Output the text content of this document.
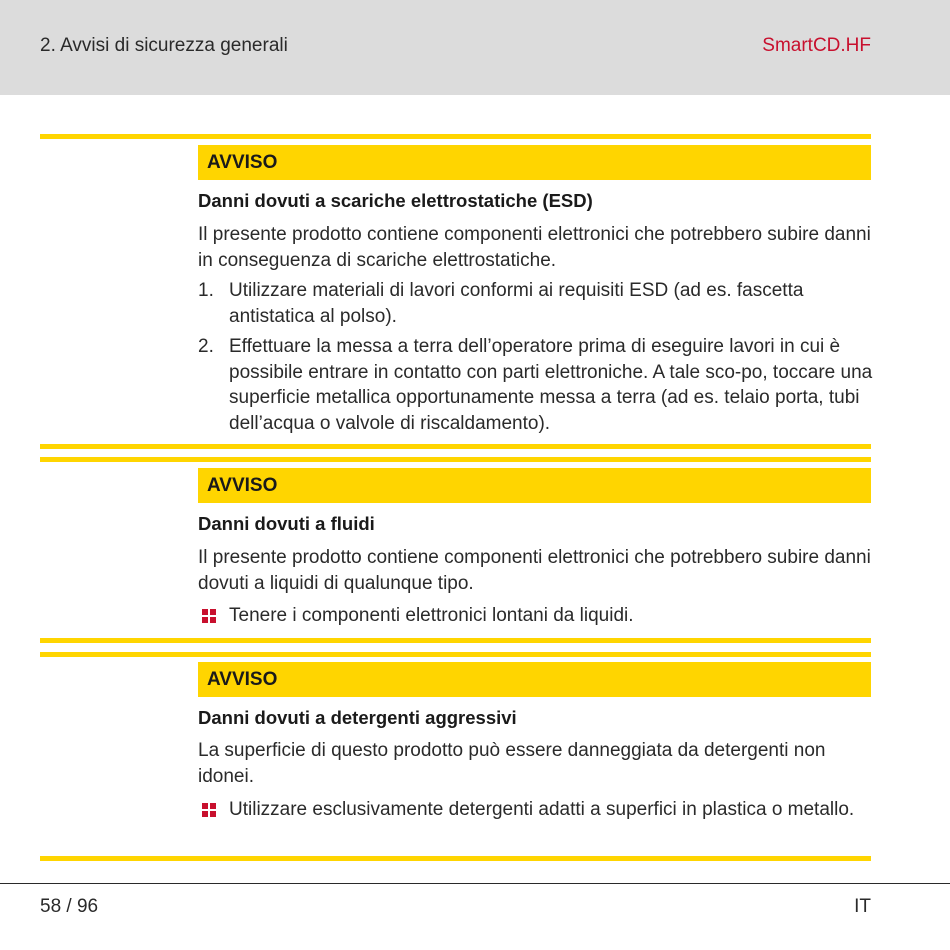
2. Avvisi di sicurezza generali	SmartCD.HF
AVVISO
Danni dovuti a scariche elettrostatiche (ESD)
Il presente prodotto contiene componenti elettronici che potrebbero subire danni in conseguenza di scariche elettrostatiche.
1. Utilizzare materiali di lavori conformi ai requisiti ESD (ad es. fascetta antistatica al polso).
2. Effettuare la messa a terra dell’operatore prima di eseguire lavori in cui è possibile entrare in contatto con parti elettroniche. A tale sco-po, toccare una superficie metallica opportunamente messa a terra (ad es. telaio porta, tubi dell’acqua o valvole di riscaldamento).
AVVISO
Danni dovuti a fluidi
Il presente prodotto contiene componenti elettronici che potrebbero subire danni dovuti a liquidi di qualunque tipo.
Tenere i componenti elettronici lontani da liquidi.
AVVISO
Danni dovuti a detergenti aggressivi
La superficie di questo prodotto può essere danneggiata da detergenti non idonei.
Utilizzare esclusivamente detergenti adatti a superfici in plastica o metallo.
58 / 96	IT
